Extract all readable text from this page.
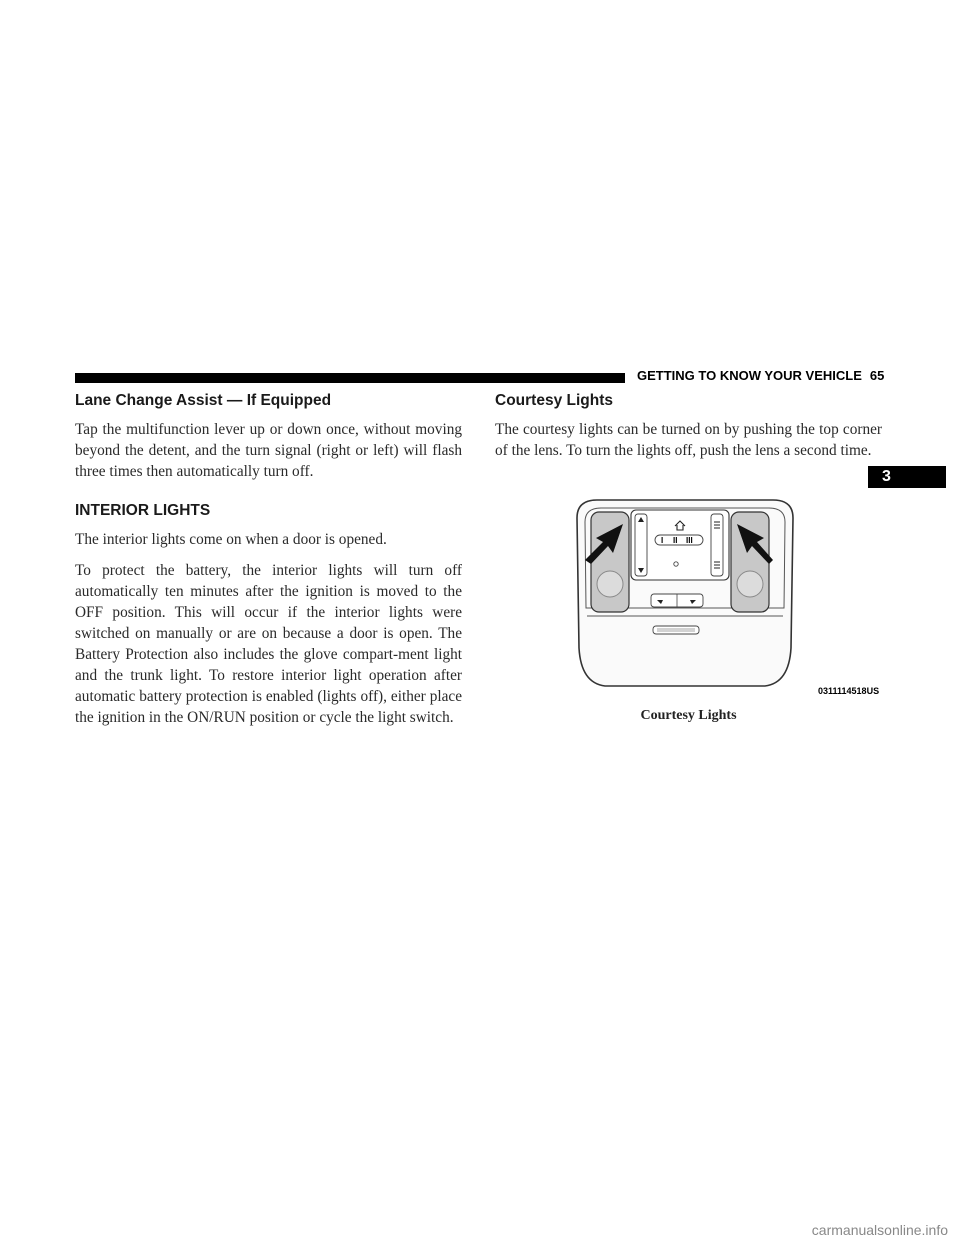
GETTING TO KNOW YOUR VEHICLE 65
3
Lane Change Assist — If Equipped

Tap the multifunction lever up or down once, without moving beyond the detent, and the turn signal (right or left) will flash three times then automatically turn off.

INTERIOR LIGHTS

The interior lights come on when a door is opened.

To protect the battery, the interior lights will turn off automatically ten minutes after the ignition is moved to the OFF position. This will occur if the interior lights were switched on manually or are on because a door is open. The Battery Protection also includes the glove compart-ment light and the trunk light. To restore interior light operation after automatic battery protection is enabled (lights off), either place the ignition in the ON/RUN position or cycle the light switch.

Courtesy Lights

The courtesy lights can be turned on by pushing the top corner of the lens. To turn the lights off, push the lens a second time.

I II III
0311114518US
Courtesy Lights
carmanualsonline.info
